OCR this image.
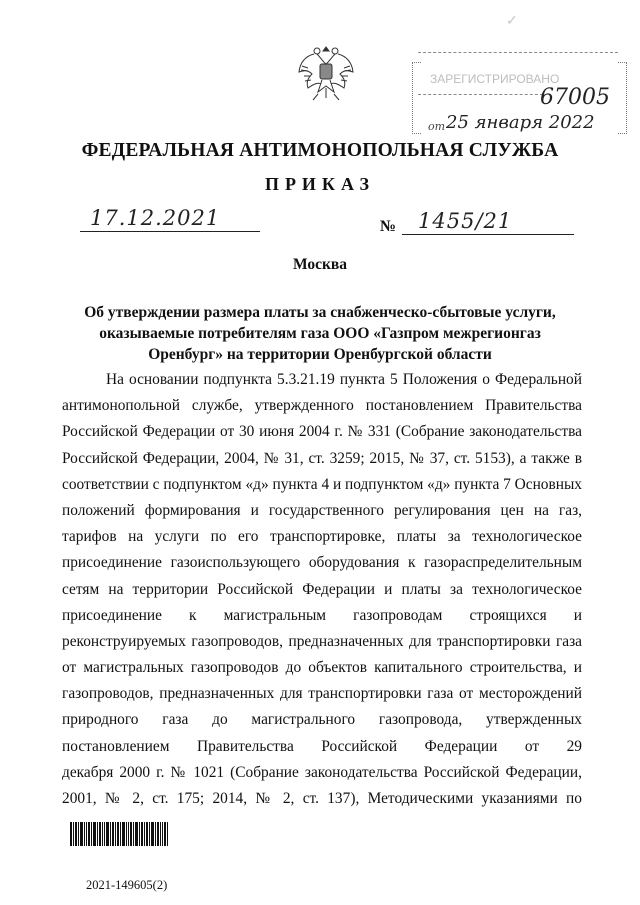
✓
ЗАРЕГИСТРИРОВАНО
67005
от 25 января 2022
ФЕДЕРАЛЬНАЯ АНТИМОНОПОЛЬНАЯ СЛУЖБА
ПРИКАЗ
17.12.2021	№ 1455/21
Москва
Об утверждении размера платы за снабженческо-сбытовые услуги, оказываемые потребителям газа ООО «Газпром межрегионгаз Оренбург» на территории Оренбургской области
На основании подпункта 5.3.21.19 пункта 5 Положения о Федеральной
антимонопольной службе, утвержденного постановлением Правительства
Российской Федерации от 30 июня 2004 г. № 331 (Собрание законодательства
Российской Федерации, 2004, № 31, ст. 3259; 2015, № 37, ст. 5153), а также в
соответствии с подпунктом «д» пункта 4 и подпунктом «д» пункта 7 Основных
положений формирования и государственного регулирования цен на газ,
тарифов на услуги по его транспортировке, платы за технологическое
присоединение газоиспользующего оборудования к газораспределительным
сетям на территории Российской Федерации и платы за технологическое
присоединение к магистральным газопроводам строящихся и
реконструируемых газопроводов, предназначенных для транспортировки газа
от магистральных газопроводов до объектов капитального строительства, и
газопроводов, предназначенных для транспортировки газа от месторождений
природного газа до магистрального газопровода, утвержденных
постановлением Правительства Российской Федерации от 29
декабря 2000 г. № 1021 (Собрание законодательства Российской Федерации,
2001, № 2, ст. 175; 2014, № 2, ст. 137), Методическими указаниями по
2021-149605(2)
